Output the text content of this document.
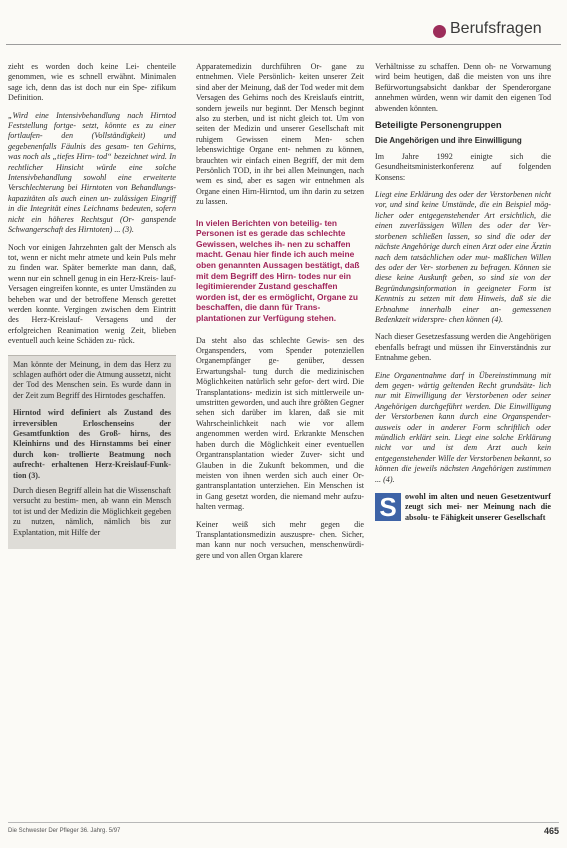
Berufsfragen

zieht es worden doch keine Lei- chenteile genommen, wie es schnell erwähnt. Minimalen sage ich, denn das ist doch nur ein Spe- zifikum Definition.

„Wird eine Intensivbehandlung nach Hirntod Feststellung fortge- setzt, könnte es zu einer fortlaufen- den (Vollständigkeit) und gegebenenfalls Fäulnis des gesam- ten Gehirns, was noch als „tiefes Hirn- tod“ bezeichnet wird. In rechtlicher Hinsicht würde eine solche Intensivbehandlung sowohl eine erweiterte Verschlechterung bei Hirntoten von Behandlungs- kapazitäten als auch einen un- zulässigen Eingriff in die Integrität eines Leichnams bedeuten, sofern nicht ein höheres Rechtsgut (Or- ganspende Schwangerschaft des Hirntoten) ... (3).

Noch vor einigen Jahrzehnten galt der Mensch als tot, wenn er nicht mehr atmete und kein Puls mehr zu finden war. Später bemerkte man dann, daß, wenn nur ein schnell genug in ein Herz-Kreis- lauf-Versagen eingreifen konnte, es unter Umständen zu beheben war und der betroffene Mensch gerettet werden konnte. Vergingen zwischen dem Eintritt des Herz-Kreislauf- Versagens und der erfolgreichen Reanimation wenig Zeit, blieben eventuell auch keine Schäden zu- rück.

Man könnte der Meinung, in dem das Herz zu schlagen aufhört oder die Atmung aussetzt, nicht der Tod des Menschen sein. Es wurde dann in der Zeit zum Begriff des Hirntodes geschaffen.

Hirntod wird definiert als Zustand des irreversiblen Erloschenseins der Gesamtfunktion des Groß- hirns, des Kleinhirns und des Hirnstamms bei einer durch kon- trollierte Beatmung noch aufrecht- erhaltenen Herz-Kreislauf-Funk- tion (3).

Durch diesen Begriff allein hat die Wissenschaft versucht zu bestim- men, ab wann ein Mensch tot ist und der Medizin die Möglichkeit gegeben zu nutzen, nämlich, nämlich bis zur Explantation, mit Hilfe der

Apparatemedizin durchführen Or- gane zu entnehmen. Viele Persönlich- keiten unserer Zeit sind aber der Meinung, daß der Tod weder mit dem Versagen des Gehirns noch des Kreislaufs eintritt, sondern jeweils nur beginnt. Der Mensch beginnt also zu sterben, und ist nicht gleich tot. Um von seiten der Medizin und unserer Gesellschaft mit ruhigem Gewissen einem Men- schen lebenswichtige Organe ent- nehmen zu können, brauchten wir einfach einen Begriff, der mit dem Persönlich TOD, in ihr bei allen Meinungen, nach wem es sind, aber es sagen wir entnehmen als Organe einen Hirn-Hirntod, um ihn darin zu setzen zu lassen.

In vielen Berichten von beteilig- ten Personen ist es gerade das schlechte Gewissen, welches ih- nen zu schaffen macht. Genau hier finde ich auch meine oben genannten Aussagen bestätigt, daß mit dem Begriff des Hirn- todes nur ein legitimierender Zustand geschaffen worden ist, der es ermöglicht, Organe zu beschaffen, die dann für Trans- plantationen zur Verfügung stehen.

Da steht also das schlechte Gewis- sen des Organspenders, vom Spender potenziellen Organempfänger ge- genüber, dessen Erwartungshal- tung durch die medizinischen Möglichkeiten natürlich sehr gefor- dert wird. Die Transplantations- medizin ist sich mittlerweile un- umstritten geworden, und auch ihre größten Gegner sehen sich darüber im klaren, daß sie mit Wahrscheinlichkeit nach wie vor allem angenommen werden wird. Erkrankte Menschen haben durch die Möglichkeit einer eventuellen Organtransplantation wieder Zuver- sicht und Glauben in die Zukunft bekommen, und die meisten von ihnen werden sich auch einer Or- gantransplantation unterziehen. Ein Menschen ist in Gang gesetzt worden, die niemand mehr aufzu- halten vermag.

Keiner weiß sich mehr gegen die Transplantationsmedizin auszuspre- chen. Sicher, man kann nur noch versuchen, menschenwürdi- gere und von allen Organ klarere

Verhältnisse zu schaffen. Denn oh- ne Vorwarnung wird beim heutigen, daß die meisten von uns ihre Befürwortungsabsicht dankbar der Spenderorgane annehmen würden, wenn wir damit den eigenen Tod abwenden könnten.

Beteiligte Personengruppen
Die Angehörigen und ihre Einwilligung

Im Jahre 1992 einigte sich die Gesundheitsministerkonferenz auf folgenden Konsens:

Liegt eine Erklärung des oder der Verstorbenen nicht vor, und sind keine Umstände, die ein Beispiel mög- licher oder entgegenstehender Art ersichtlich, die einen zuverlässigen Willen des oder der Ver- storbenen schließen lassen, so sind die oder der nächste Angehörige durch einen Arzt oder eine Ärztin nach dem tatsächlichen oder mut- maßlichen Willen des oder der Ver- storbenen zu befragen. Können sie diese keine Auskunft geben, so sind sie von der Begründungsinformation in geeigneter Form ist Kenntnis zu setzen mit dem Hinweis, daß sie die Erbnahme innerhalb einer an- gemessenen Bedenkzeit widerspre- chen können (4).

Nach dieser Gesetzesfassung werden die Angehörigen ebenfalls befragt und müssen ihr Einverständnis zur Entnahme geben.

Eine Organentnahme darf in Übereinstimmung mit dem gegen- wärtig geltenden Recht grundsätz- lich nur mit Einwilligung der Verstorbenen oder seiner Angehörigen durchgeführt werden. Die Einwilligung der Verstorbenen kann durch eine Organspender- ausweis oder in anderer Form schriftlich oder mündlich erklärt sein. Liegt eine solche Erklärung nicht vor und ist dem Arzt auch kein entgegenstehender Wille der Verstorbenen bekannt, so können die jeweils nächsten Angehörigen zustimmen ... (4).

S	owohl im alten und neuen Gesetzentwurf zeugt sich mei- ner Meinung nach die absolu- te Fähigkeit unserer Gesellschaft

Die Schwester Der Pfleger 36. Jahrg. 5/97	465
